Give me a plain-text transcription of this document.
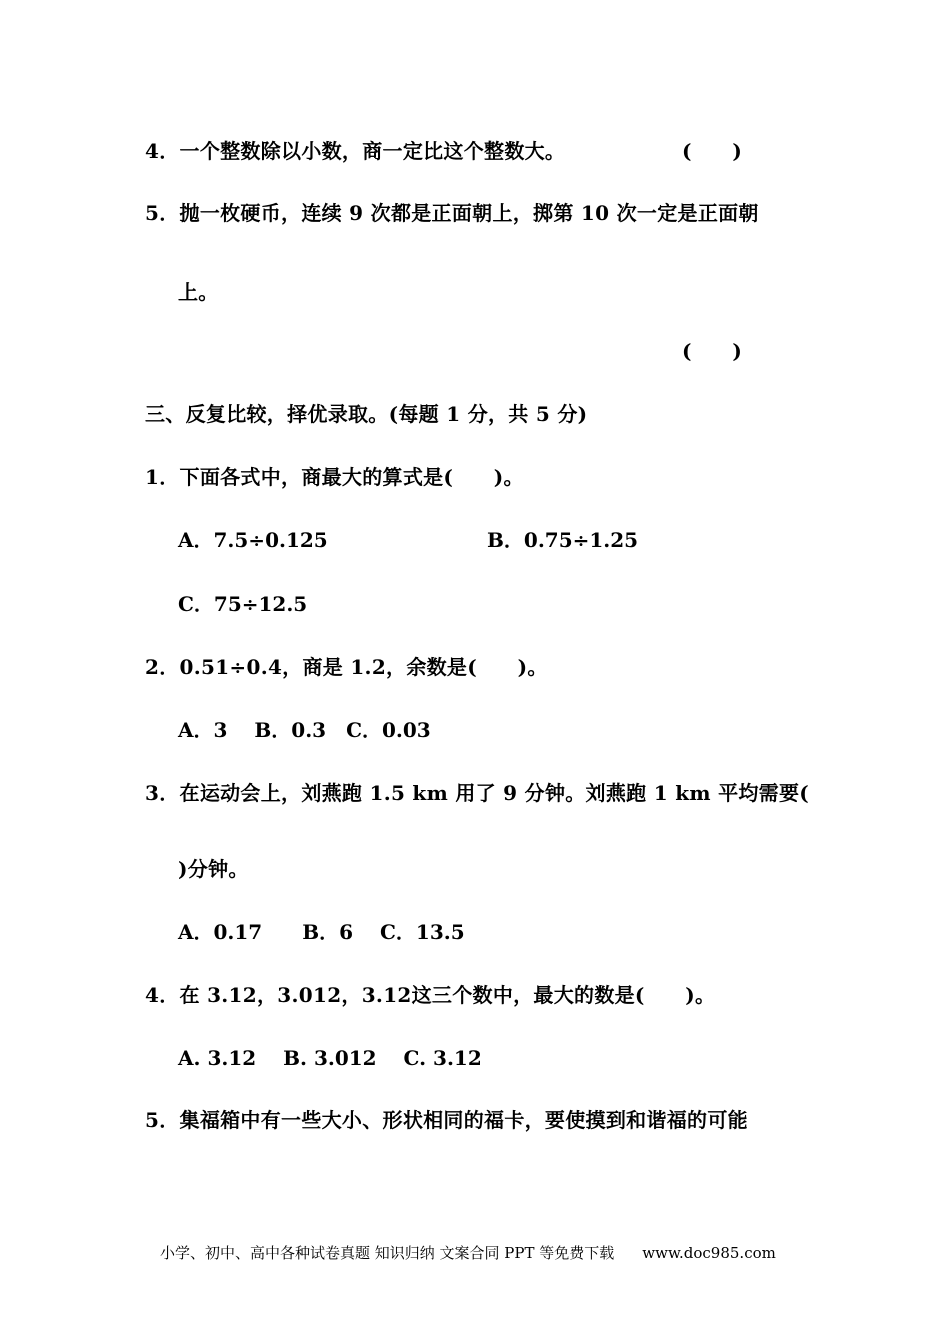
4．一个整数除以小数，商一定比这个整数大。	(　　)
5．抛一枚硬币，连续 9 次都是正面朝上，掷第 10 次一定是正面朝
上。
(　　)
三、反复比较，择优录取。(每题 1 分，共 5 分)
1．下面各式中，商最大的算式是(　　)。
A．7.5÷0.125	B．0.75÷1.25
C．75÷12.5
2．0.51÷0.4，商是 1.2，余数是(　　)。
A．3　 B．0.3　C．0.03
3．在运动会上，刘燕跑 1.5 km 用了 9 分钟。刘燕跑 1 km 平均需要(
)分钟。
A．0.17　　B．6　 C．13.5
4．在 3.12，3.012，3.12这三个数中，最大的数是(　　)。
A. 3.12　 B. 3.012　 C. 3.12
5．集福箱中有一些大小、形状相同的福卡，要使摸到和谐福的可能
小学、初中、高中各种试卷真题 知识归纳 文案合同 PPT 等免费下载 www.doc985.com
